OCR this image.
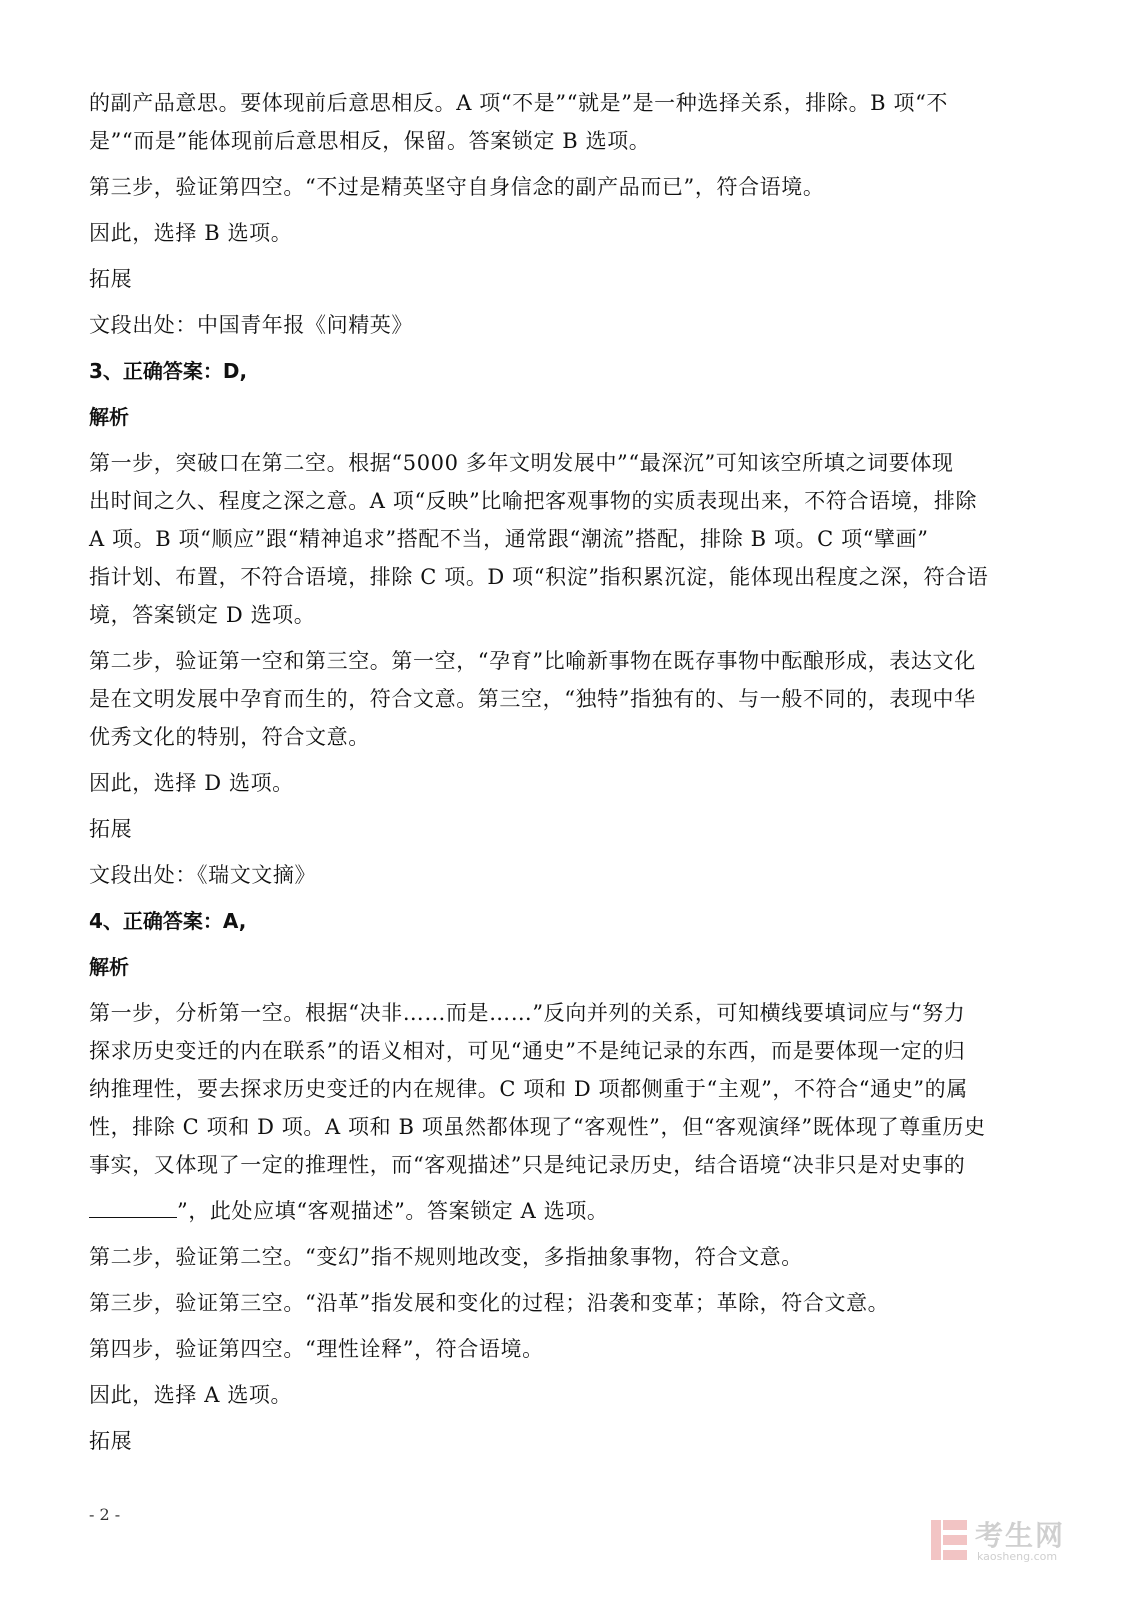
的副产品意思。要体现前后意思相反。A 项“不是”“就是”是一种选择关系，排除。B 项“不
是”“而是”能体现前后意思相反，保留。答案锁定 B 选项。
第三步，验证第四空。“不过是精英坚守自身信念的副产品而已”，符合语境。
因此，选择 B 选项。
拓展
文段出处：中国青年报《问精英》
3、正确答案：D,
解析
第一步，突破口在第二空。根据“5000 多年文明发展中”“最深沉”可知该空所填之词要体现
出时间之久、程度之深之意。A 项“反映”比喻把客观事物的实质表现出来，不符合语境，排除
A 项。B 项“顺应”跟“精神追求”搭配不当，通常跟“潮流”搭配，排除 B 项。C 项“擘画”
指计划、布置，不符合语境，排除 C 项。D 项“积淀”指积累沉淀，能体现出程度之深，符合语
境，答案锁定 D 选项。
第二步，验证第一空和第三空。第一空，“孕育”比喻新事物在既存事物中酝酿形成，表达文化
是在文明发展中孕育而生的，符合文意。第三空，“独特”指独有的、与一般不同的，表现中华
优秀文化的特别，符合文意。
因此，选择 D 选项。
拓展
文段出处：《瑞文文摘》
4、正确答案：A,
解析
第一步，分析第一空。根据“决非……而是……”反向并列的关系，可知横线要填词应与“努力
探求历史变迁的内在联系”的语义相对，可见“通史”不是纯记录的东西，而是要体现一定的归
纳推理性，要去探求历史变迁的内在规律。C 项和 D 项都侧重于“主观”，不符合“通史”的属
性，排除 C 项和 D 项。A 项和 B 项虽然都体现了“客观性”，但“客观演绎”既体现了尊重历史
事实，又体现了一定的推理性，而“客观描述”只是纯记录历史，结合语境“决非只是对史事的
”，此处应填“客观描述”。答案锁定 A 选项。
第二步，验证第二空。“变幻”指不规则地改变，多指抽象事物，符合文意。
第三步，验证第三空。“沿革”指发展和变化的过程；沿袭和变革；革除，符合文意。
第四步，验证第四空。“理性诠释”，符合语境。
因此，选择 A 选项。
拓展
- 2 -
考生网
kaosheng.com
